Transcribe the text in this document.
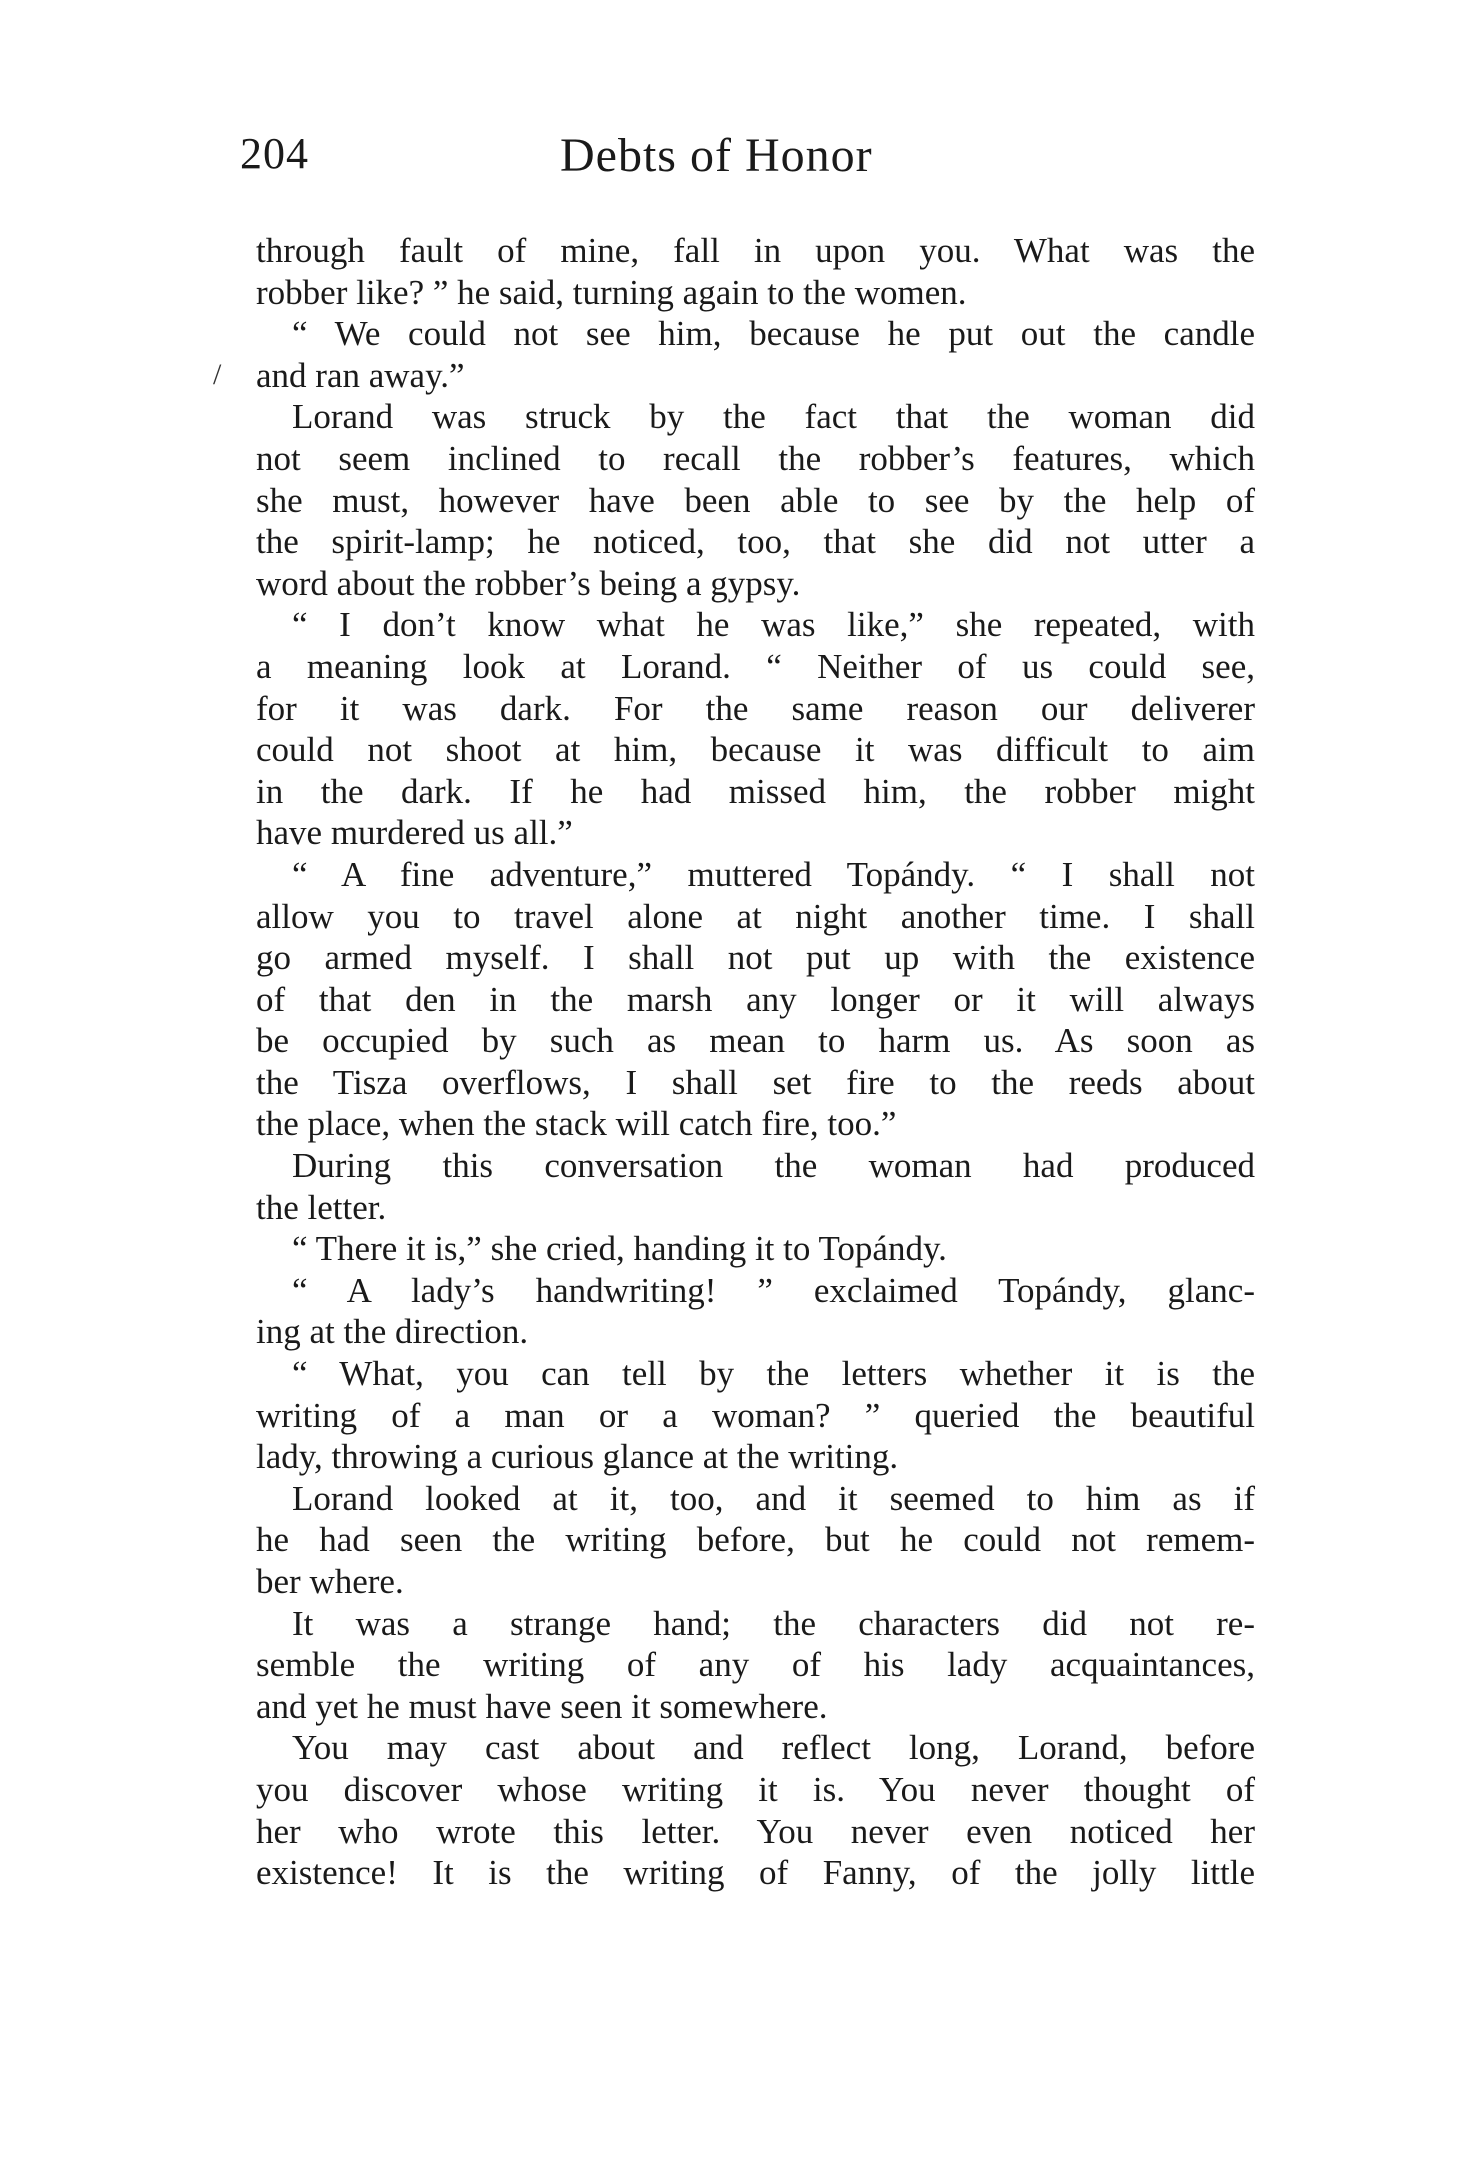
204	Debts of Honor
/
through fault of mine, fall in upon you. What was the
robber like? ” he said, turning again to the women.
“ We could not see him, because he put out the candle
and ran away.”
Lorand was struck by the fact that the woman did
not seem inclined to recall the robber’s features, which
she must, however have been able to see by the help of
the spirit-lamp; he noticed, too, that she did not utter a
word about the robber’s being a gypsy.
“ I don’t know what he was like,” she repeated, with
a meaning look at Lorand. “ Neither of us could see,
for it was dark. For the same reason our deliverer
could not shoot at him, because it was difficult to aim
in the dark. If he had missed him, the robber might
have murdered us all.”
“ A fine adventure,” muttered Topándy. “ I shall not
allow you to travel alone at night another time. I shall
go armed myself. I shall not put up with the existence
of that den in the marsh any longer or it will always
be occupied by such as mean to harm us. As soon as
the Tisza overflows, I shall set fire to the reeds about
the place, when the stack will catch fire, too.”
During this conversation the woman had produced
the letter.
“ There it is,” she cried, handing it to Topándy.
“ A lady’s handwriting! ” exclaimed Topándy, glanc-
ing at the direction.
“ What, you can tell by the letters whether it is the
writing of a man or a woman? ” queried the beautiful
lady, throwing a curious glance at the writing.
Lorand looked at it, too, and it seemed to him as if
he had seen the writing before, but he could not remem-
ber where.
It was a strange hand; the characters did not re-
semble the writing of any of his lady acquaintances,
and yet he must have seen it somewhere.
You may cast about and reflect long, Lorand, before
you discover whose writing it is. You never thought of
her who wrote this letter. You never even noticed her
existence! It is the writing of Fanny, of the jolly little
